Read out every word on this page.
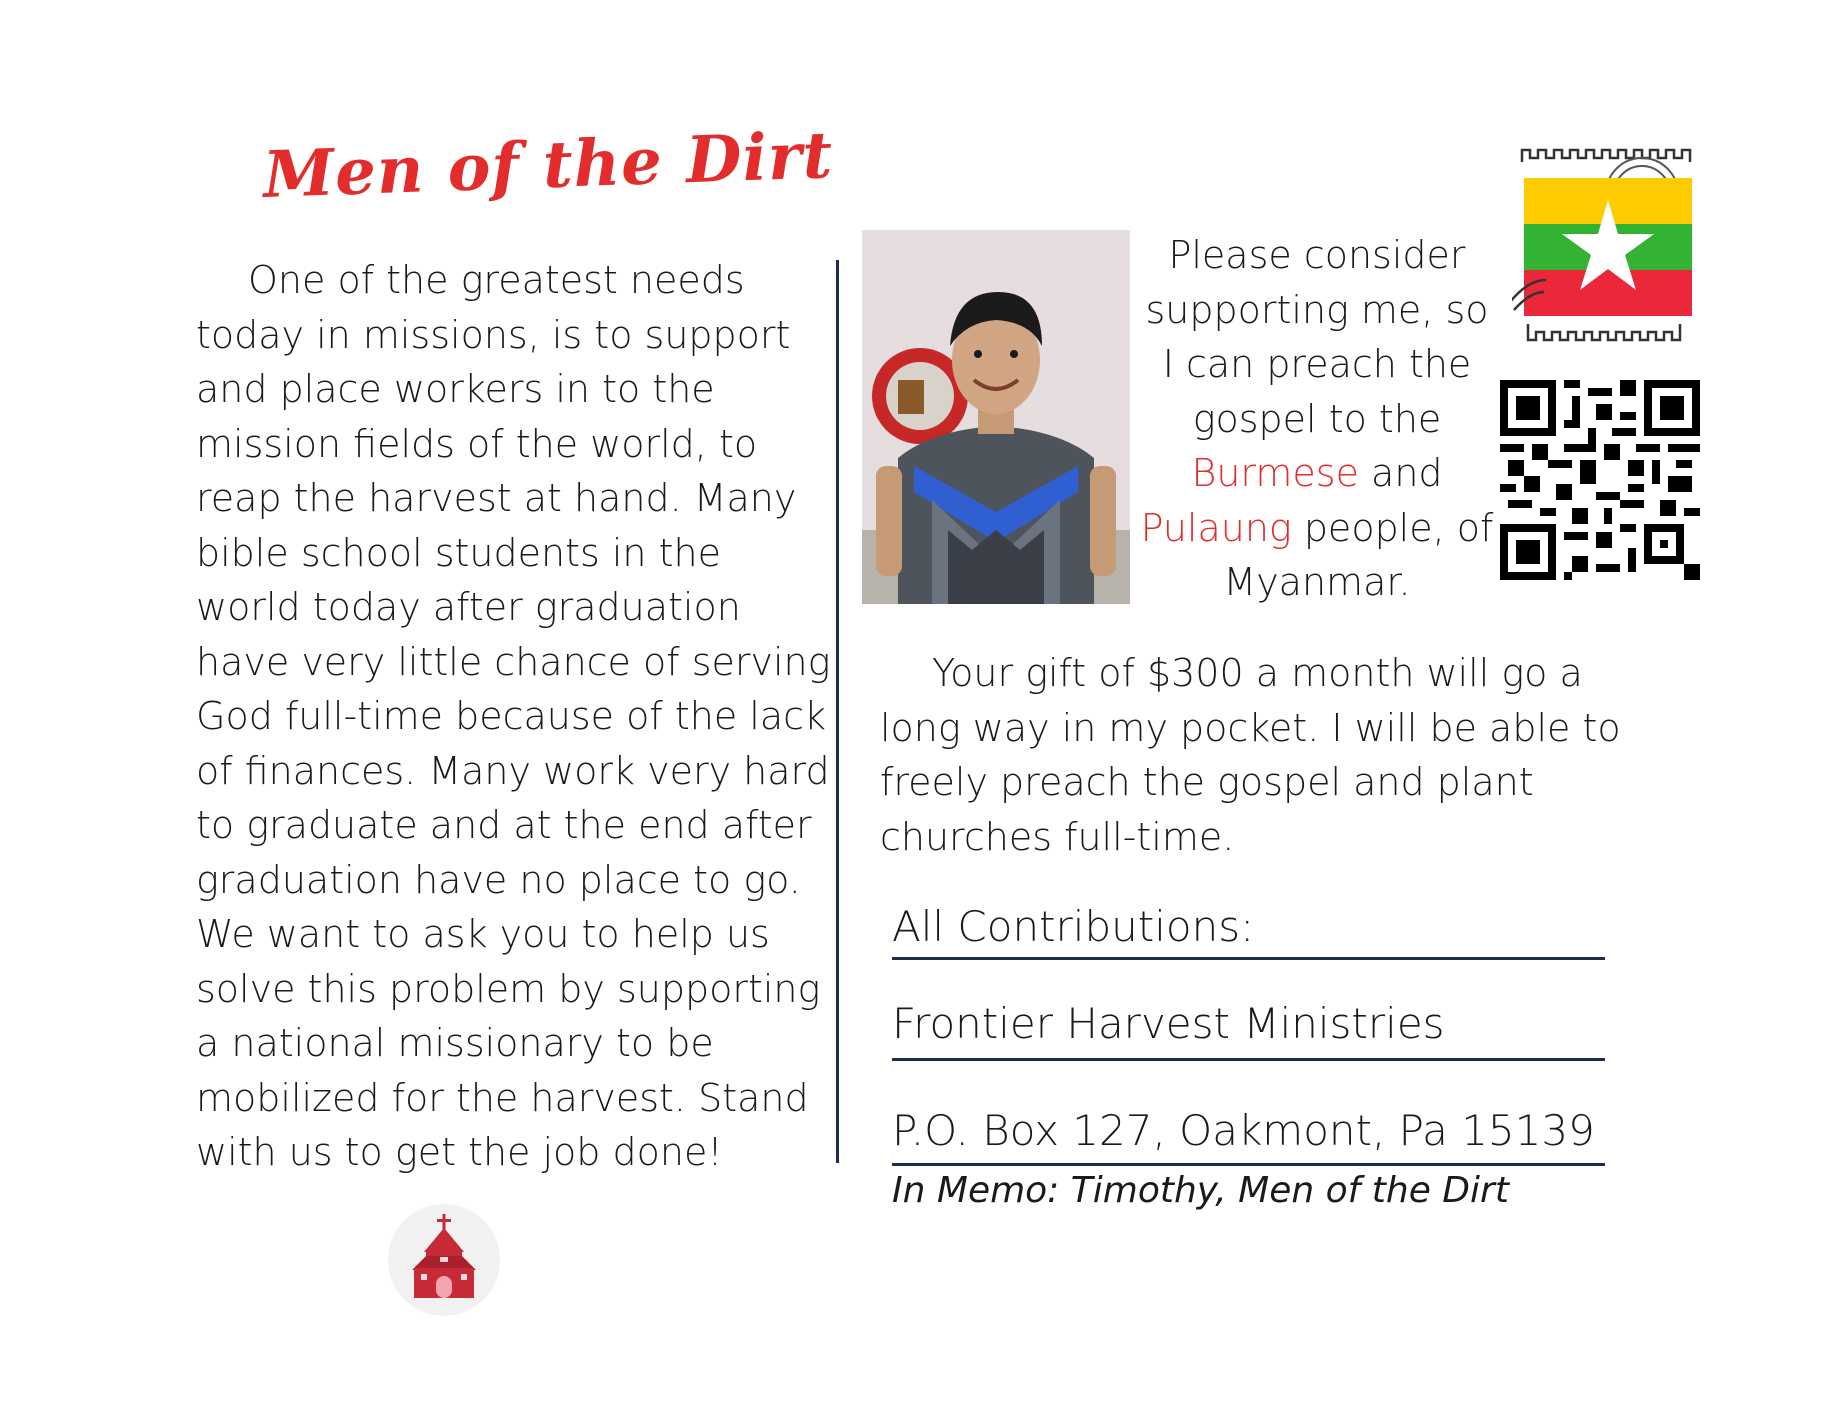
Men of the Dirt

One of the greatest needs today in missions, is to support and place workers in to the mission fields of the world, to reap the harvest at hand. Many bible school students in the world today after graduation have very little chance of serving God full-time because of the lack of finances. Many work very hard to graduate and at the end after graduation have no place to go. We want to ask you to help us solve this problem by supporting a national missionary to be mobilized for the harvest. Stand with us to get the job done!

Please consider supporting me, so I can preach the gospel to the
Burmese and
Pulaung people, of Myanmar.

Your gift of $300 a month will go a long way in my pocket. I will be able to freely preach the gospel and plant churches full-time.

All Contributions:
Frontier Harvest Ministries
P.O. Box 127, Oakmont, Pa 15139
In Memo: Timothy, Men of the Dirt
